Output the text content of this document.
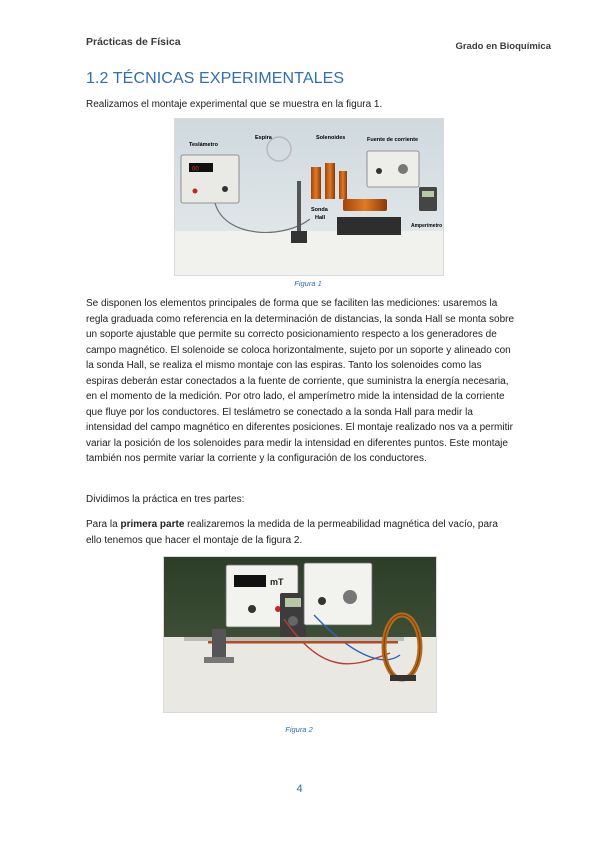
Prácticas de Física	Grado en Bioquímica
1.2 TÉCNICAS EXPERIMENTALES

Realizamos el montaje experimental que se muestra en la figura 1.

00
Teslámetro
Espira	Solenoides	Fuente de corriente
Sonda
Hall
Amperímetro
Figura 1

Se disponen los elementos principales de forma que se faciliten las mediciones: usaremos la regla graduada como referencia en la determinación de distancias, la sonda Hall se monta sobre un soporte ajustable que permite su correcto posicionamiento respecto a los generadores de campo magnético. El solenoide se coloca horizontalmente, sujeto por un soporte y alineado con la sonda Hall, se realiza el mismo montaje con las espiras. Tanto los solenoides como las espiras deberán estar conectados a la fuente de corriente, que suministra la energía necesaria, en el momento de la medición. Por otro lado, el amperímetro mide la intensidad de la corriente que fluye por los conductores. El teslámetro se conectado a la sonda Hall para medir la intensidad del campo magnético en diferentes posiciones. El montaje realizado nos va a permitir variar la posición de los solenoides para medir la intensidad en diferentes puntos. Este montaje también nos permite variar la corriente y la configuración de los conductores.

Dividimos la práctica en tres partes:

Para la primera parte realizaremos la medida de la permeabilidad magnética del vacío, para ello tenemos que hacer el montaje de la figura 2.

mT
Figura 2
4
